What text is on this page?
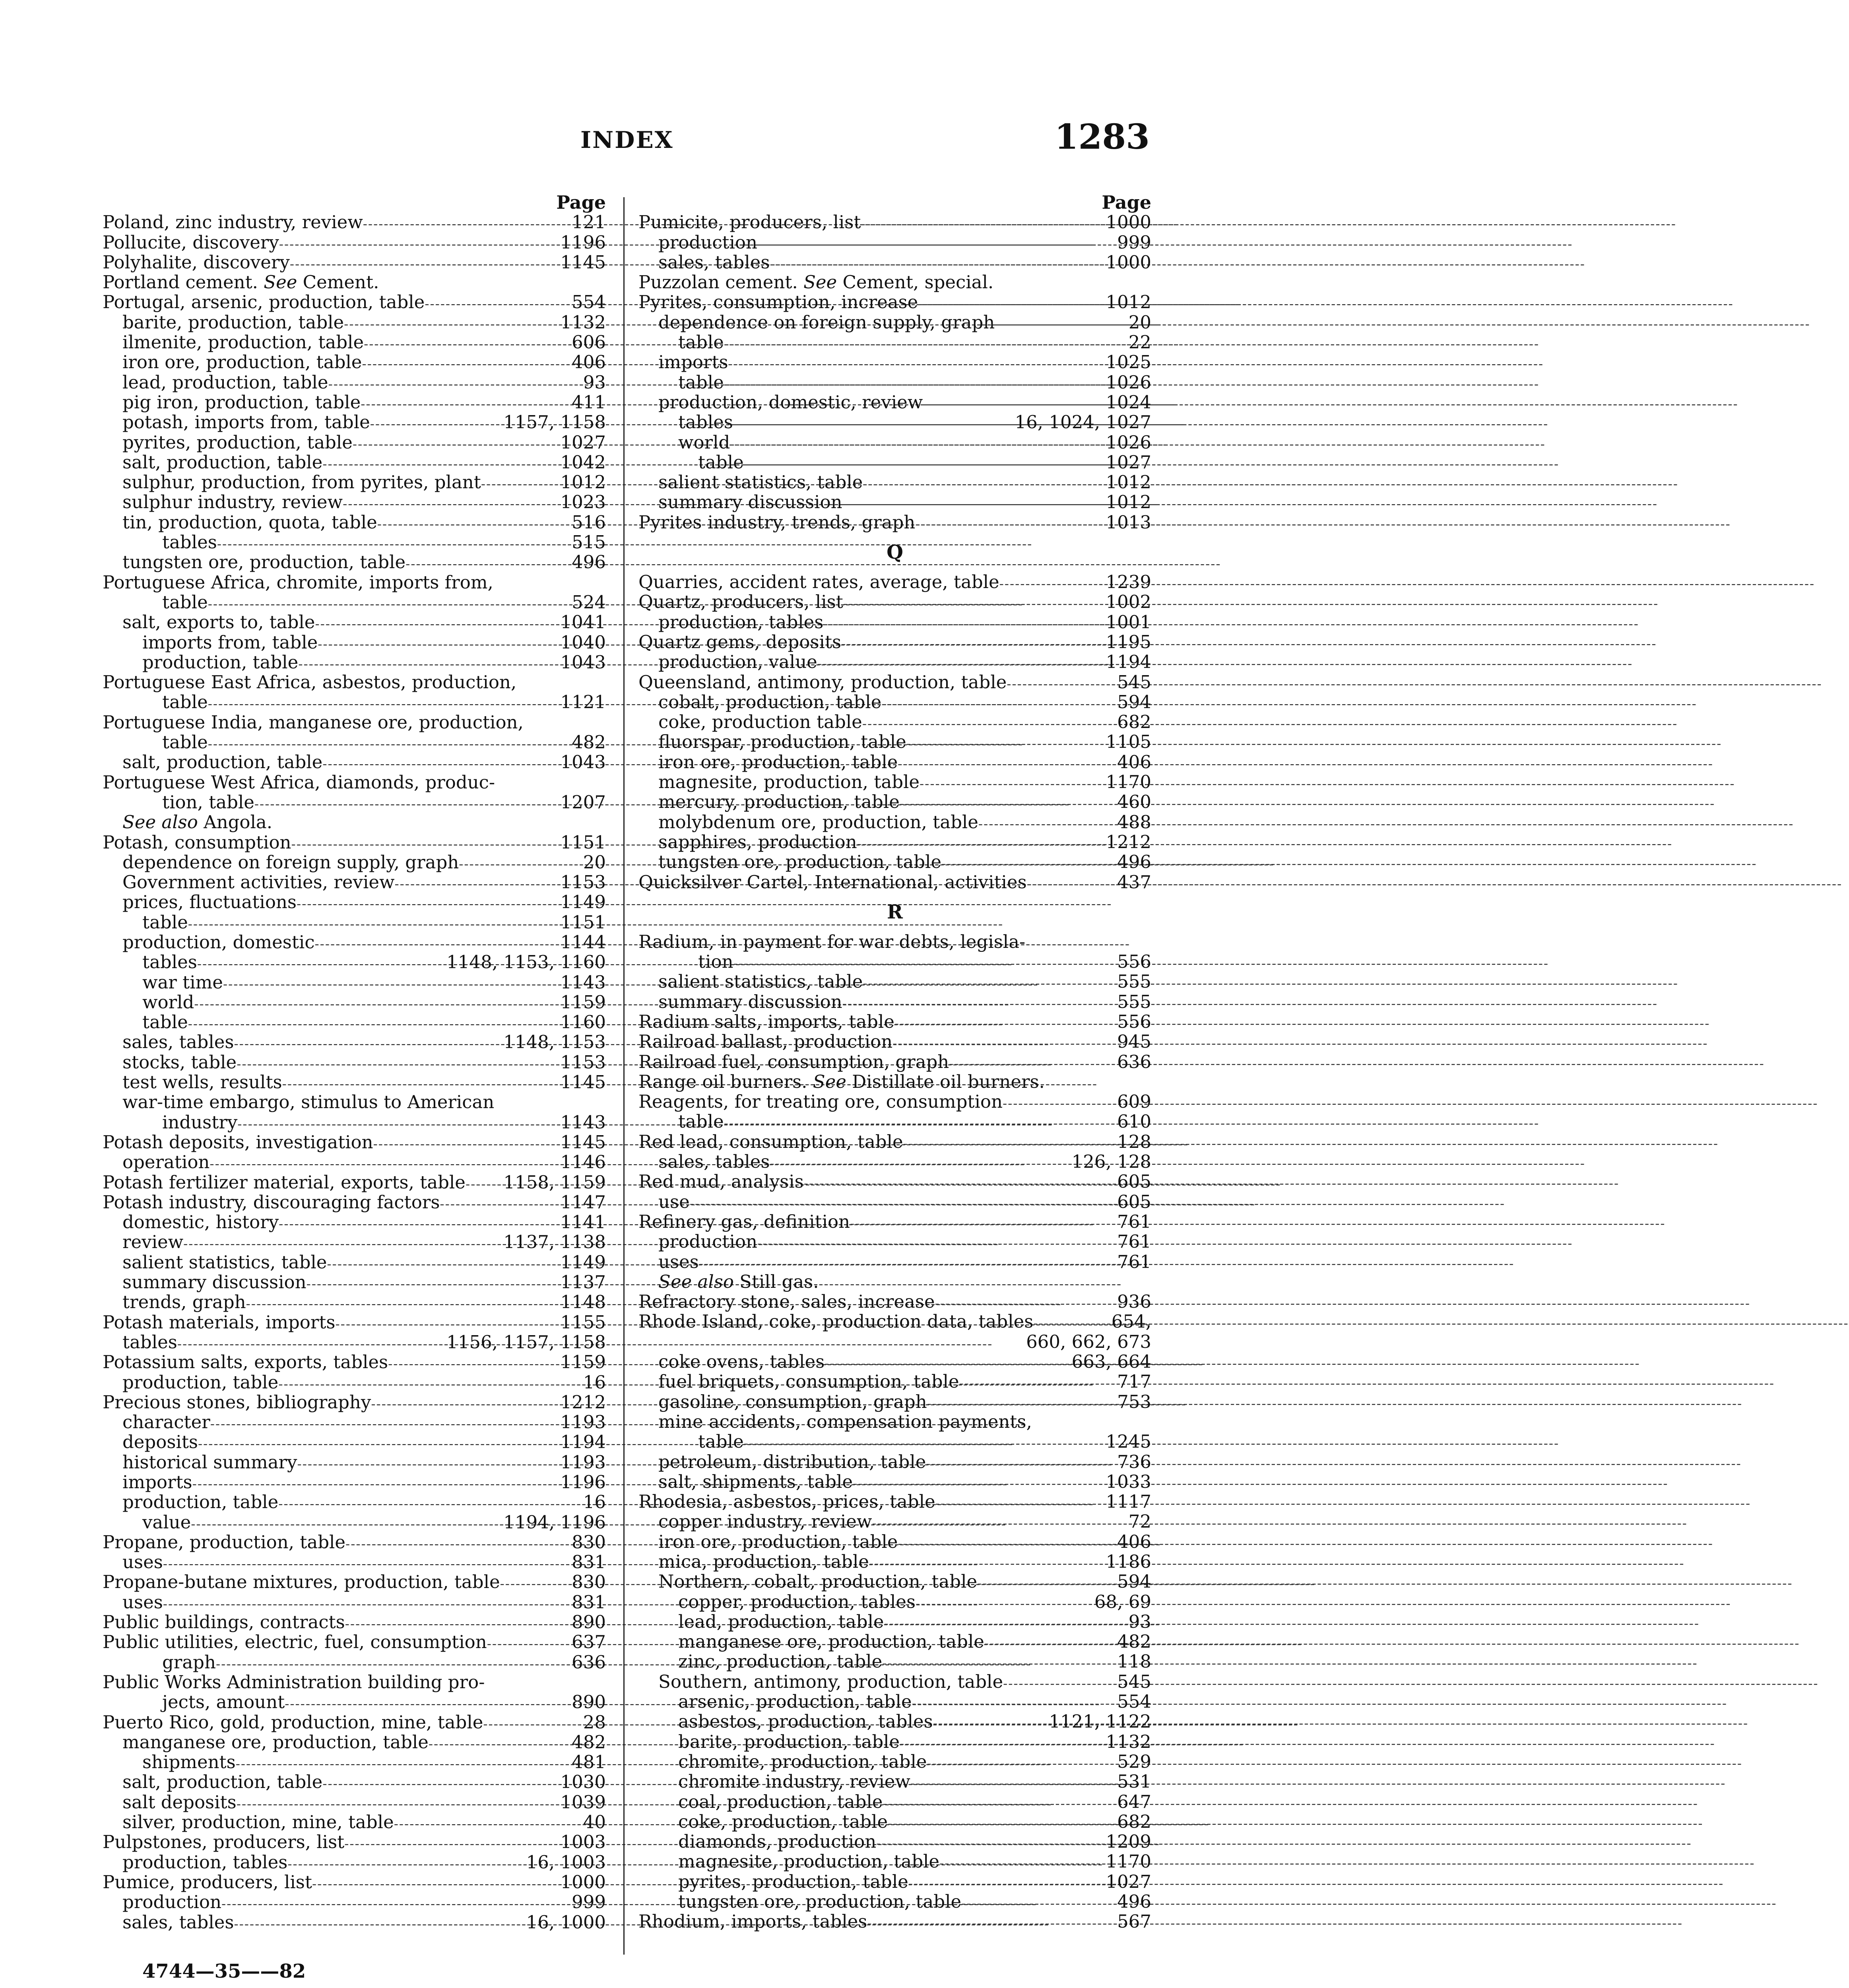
INDEX	1283
Page
Poland, zinc industry, review -----	121
Pollucite, discovery -----	1196
Polyhalite, discovery -----	1145
Portland cement. See Cement.
Portugal, arsenic, production, table -----	554
barite, production, table -----	1132
ilmenite, production, table -----	606
iron ore, production, table -----	406
lead, production, table -----	93
pig iron, production, table -----	411
potash, imports from, table -----	1157, 1158
pyrites, production, table -----	1027
salt, production, table -----	1042
sulphur, production, from pyrites, plant -----	1012
sulphur industry, review -----	1023
tin, production, quota, table -----	516
tables -----	515
tungsten ore, production, table -----	496
Portuguese Africa, chromite, imports from,
table -----	524
salt, exports to, table -----	1041
imports from, table -----	1040
production, table -----	1043
Portuguese East Africa, asbestos, production,
table -----	1121
Portuguese India, manganese ore, production,
table -----	482
salt, production, table -----	1043
Portuguese West Africa, diamonds, produc-
tion, table -----	1207
See also Angola.
Potash, consumption -----	1151
dependence on foreign supply, graph -----	20
Government activities, review -----	1153
prices, fluctuations -----	1149
table -----	1151
production, domestic -----	1144
tables -----	1148, 1153, 1160
war time -----	1143
world -----	1159
table -----	1160
sales, tables -----	1148, 1153
stocks, table -----	1153
test wells, results -----	1145
war-time embargo, stimulus to American
industry -----	1143
Potash deposits, investigation -----	1145
operation -----	1146
Potash fertilizer material, exports, table ----- 1158, 1159
Potash industry, discouraging factors -----	1147
domestic, history -----	1141
review -----	1137, 1138
salient statistics, table -----	1149
summary discussion -----	1137
trends, graph -----	1148
Potash materials, imports -----	1155
tables -----	1156, 1157, 1158
Potassium salts, exports, tables -----	1159
production, table -----	16
Precious stones, bibliography -----	1212
character -----	1193
deposits -----	1194
historical summary -----	1193
imports -----	1196
production, table -----	16
value -----	1194, 1196
Propane, production, table -----	830
uses -----	831
Propane-butane mixtures, production, table -----	830
uses -----	831
Public buildings, contracts -----	890
Public utilities, electric, fuel, consumption -----	637
graph -----	636
Public Works Administration building pro-
jects, amount -----	890
Puerto Rico, gold, production, mine, table -----	28
manganese ore, production, table -----	482
shipments -----	481
salt, production, table -----	1030
salt deposits -----	1039
silver, production, mine, table -----	40
Pulpstones, producers, list -----	1003
production, tables -----	16, 1003
Pumice, producers, list -----	1000
production -----	999
sales, tables -----	16, 1000
Page
Pumicite, producers, list -----	1000
production -----	999
sales, tables -----	1000
Puzzolan cement. See Cement, special.
Pyrites, consumption, increase -----	1012
dependence on foreign supply, graph -----	20
table -----	22
imports -----	1025
table -----	1026
production, domestic, review -----	1024
tables -----	16, 1024, 1027
world -----	1026
table -----	1027
salient statistics, table -----	1012
summary discussion -----	1012
Pyrites industry, trends, graph -----	1013
Q
Quarries, accident rates, average, table -----	1239
Quartz, producers, list -----	1002
production, tables -----	1001
Quartz gems, deposits -----	1195
production, value -----	1194
Queensland, antimony, production, table -----	545
cobalt, production, table -----	594
coke, production table -----	682
fluorspar, production, table -----	1105
iron ore, production, table -----	406
magnesite, production, table -----	1170
mercury, production, table -----	460
molybdenum ore, production, table -----	488
sapphires, production -----	1212
tungsten ore, production, table -----	496
Quicksilver Cartel, International, activities -----	437
R
Radium, in payment for war debts, legisla-
tion -----	556
salient statistics, table -----	555
summary discussion -----	555
Radium salts, imports, table -----	556
Railroad ballast, production -----	945
Railroad fuel, consumption, graph -----	636
Range oil burners. See Distillate oil burners.
Reagents, for treating ore, consumption -----	609
table -----	610
Red lead, consumption, table -----	128
sales, tables -----	126, 128
Red mud, analysis -----	605
use -----	605
Refinery gas, definition -----	761
production -----	761
uses -----	761
See also Still gas.
Refractory stone, sales, increase -----	936
Rhode Island, coke, production data, tables -----	654,
660, 662, 673
coke ovens, tables -----	663, 664
fuel briquets, consumption, table -----	717
gasoline, consumption, graph -----	753
mine accidents, compensation payments,
table -----	1245
petroleum, distribution, table -----	736
salt, shipments, table -----	1033
Rhodesia, asbestos, prices, table -----	1117
copper industry, review -----	72
iron ore, production, table -----	406
mica, production, table -----	1186
Northern, cobalt, production, table -----	594
copper, production, tables -----	68, 69
lead, production, table -----	93
manganese ore, production, table -----	482
zinc, production, table -----	118
Southern, antimony, production, table -----	545
arsenic, production, table -----	554
asbestos, production, tables -----	1121, 1122
barite, production, table -----	1132
chromite, production, table -----	529
chromite industry, review -----	531
coal, production, table -----	647
coke, production, table -----	682
diamonds, production -----	1209
magnesite, production, table -----	1170
pyrites, production, table -----	1027
tungsten ore, production, table -----	496
Rhodium, imports, tables -----	567
4744—35——82
